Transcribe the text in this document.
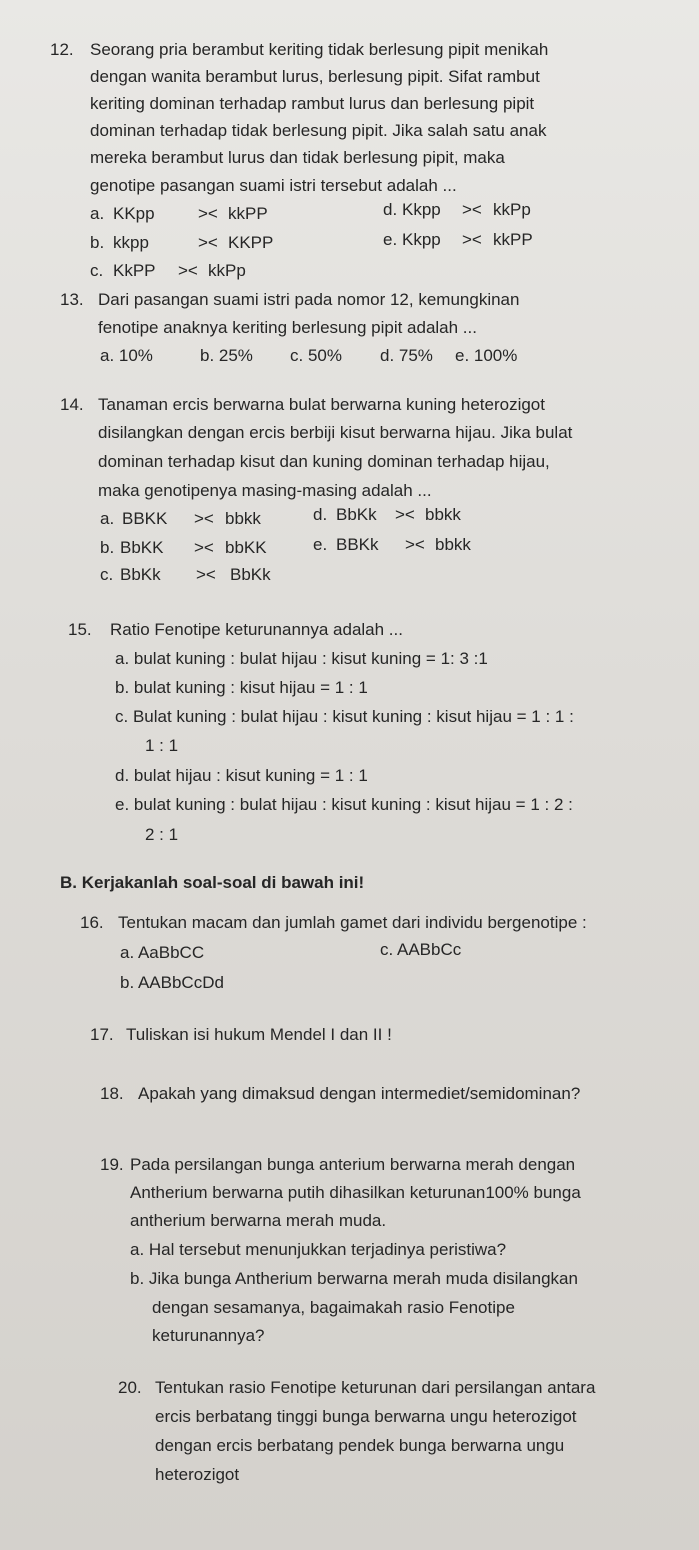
12. Seorang pria berambut keriting tidak berlesung pipit menikah
dengan wanita berambut lurus, berlesung pipit. Sifat rambut
keriting dominan terhadap rambut lurus dan berlesung pipit
dominan terhadap tidak berlesung pipit. Jika salah satu anak
mereka berambut lurus dan tidak berlesung pipit, maka
genotipe pasangan suami istri tersebut adalah ...
a. KKpp	>< kkPP	d. Kkpp >< kkPp
b. kkpp	>< KKPP	e. Kkpp >< kkPP
c. KkPP >< kkPp
13. Dari pasangan suami istri pada nomor 12, kemungkinan
fenotipe anaknya keriting berlesung pipit adalah ...
a. 10%	b. 25% c. 50% d. 75% e. 100%
14. Tanaman ercis berwarna bulat berwarna kuning heterozigot
disilangkan dengan ercis berbiji kisut berwarna hijau. Jika bulat
dominan terhadap kisut dan kuning dominan terhadap hijau,
maka genotipenya masing-masing adalah ...
a. BBKK >< bbkk	d. BbKk >< bbkk
b. BbKK >< bbKK	e. BBKk >< bbkk
c. BbKk >< BbKk
15. Ratio Fenotipe keturunannya adalah ...
a. bulat kuning : bulat hijau : kisut kuning = 1: 3 :1
b. bulat kuning : kisut hijau = 1 : 1
c. Bulat kuning : bulat hijau : kisut kuning : kisut hijau = 1 : 1 :
1 : 1
d. bulat hijau : kisut kuning = 1 : 1
e. bulat kuning : bulat hijau : kisut kuning : kisut hijau = 1 : 2 :
2 : 1
B. Kerjakanlah soal-soal di bawah ini!
16. Tentukan macam dan jumlah gamet dari individu bergenotipe :
a. AaBbCC	c. AABbCc
b. AABbCcDd
17. Tuliskan isi hukum Mendel I dan II !
18. Apakah yang dimaksud dengan intermediet/semidominan?
19. Pada persilangan bunga anterium berwarna merah dengan
Antherium berwarna putih dihasilkan keturunan100% bunga
antherium berwarna merah muda.
a. Hal tersebut menunjukkan terjadinya peristiwa?
b. Jika bunga Antherium berwarna merah muda disilangkan
dengan sesamanya, bagaimakah rasio Fenotipe
keturunannya?
20. Tentukan rasio Fenotipe keturunan dari persilangan antara
ercis berbatang tinggi bunga berwarna ungu heterozigot
dengan ercis berbatang pendek bunga berwarna ungu
heterozigot
